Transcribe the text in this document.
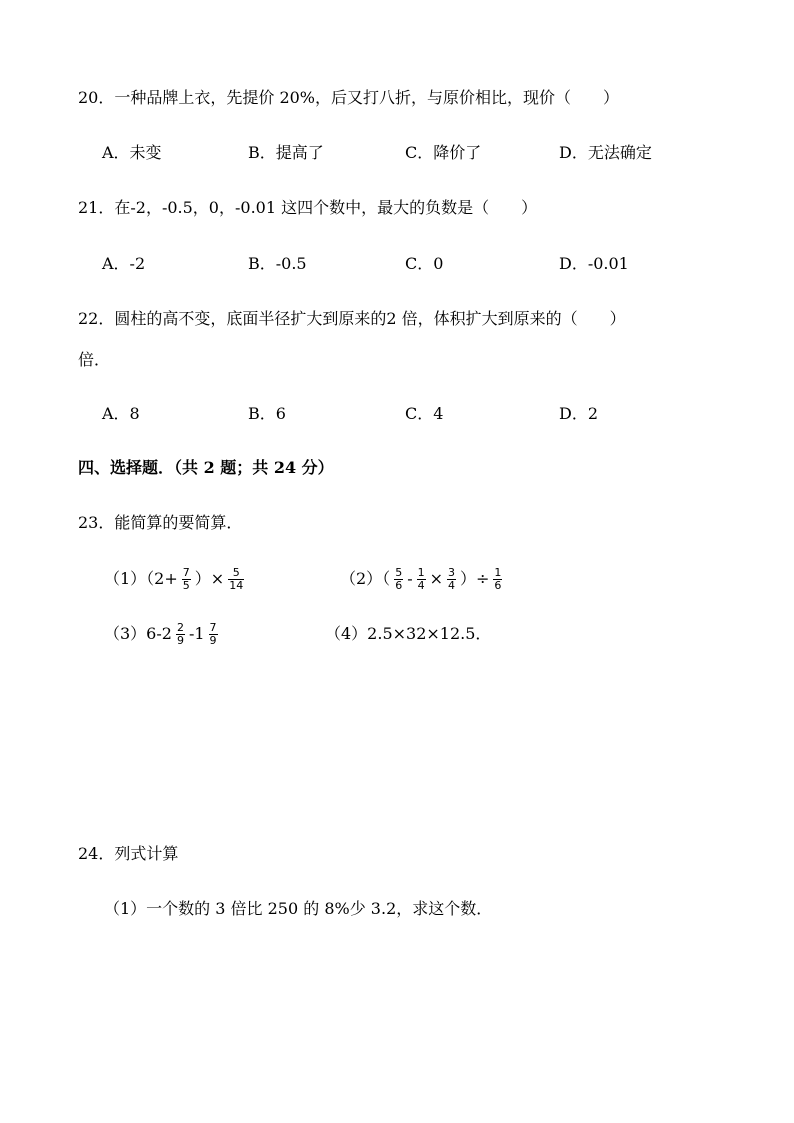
20．一种品牌上衣，先提价 20%，后又打八折，与原价相比，现价（　　）
A．未变	B．提高了	C．降价了	D．无法确定
21．在-2，-0.5，0，-0.01 这四个数中，最大的负数是（　　）
A．-2	B．-0.5	C．0	D．-0.01
22．圆柱的高不变，底面半径扩大到原来的2 倍，体积扩大到原来的（　　）
倍．
A．8	B．6	C．4	D．2
四、选择题．（共 2 题；共 24 分）
23．能简算的要简算．
$(1)(2+ \frac{7}{5}$ ）× $\frac{5}{14}$	$(2)( \frac{5}{6} - \frac{1}{4} \times \frac{3}{4}$ ）÷ $\frac{1}{6}$
$(3)6-2 \frac{2}{9} -1 \frac{7}{9}$	（4）2.5×32×12.5．
24．列式计算
（1）一个数的 3 倍比 250 的 8%少 3.2，求这个数．
